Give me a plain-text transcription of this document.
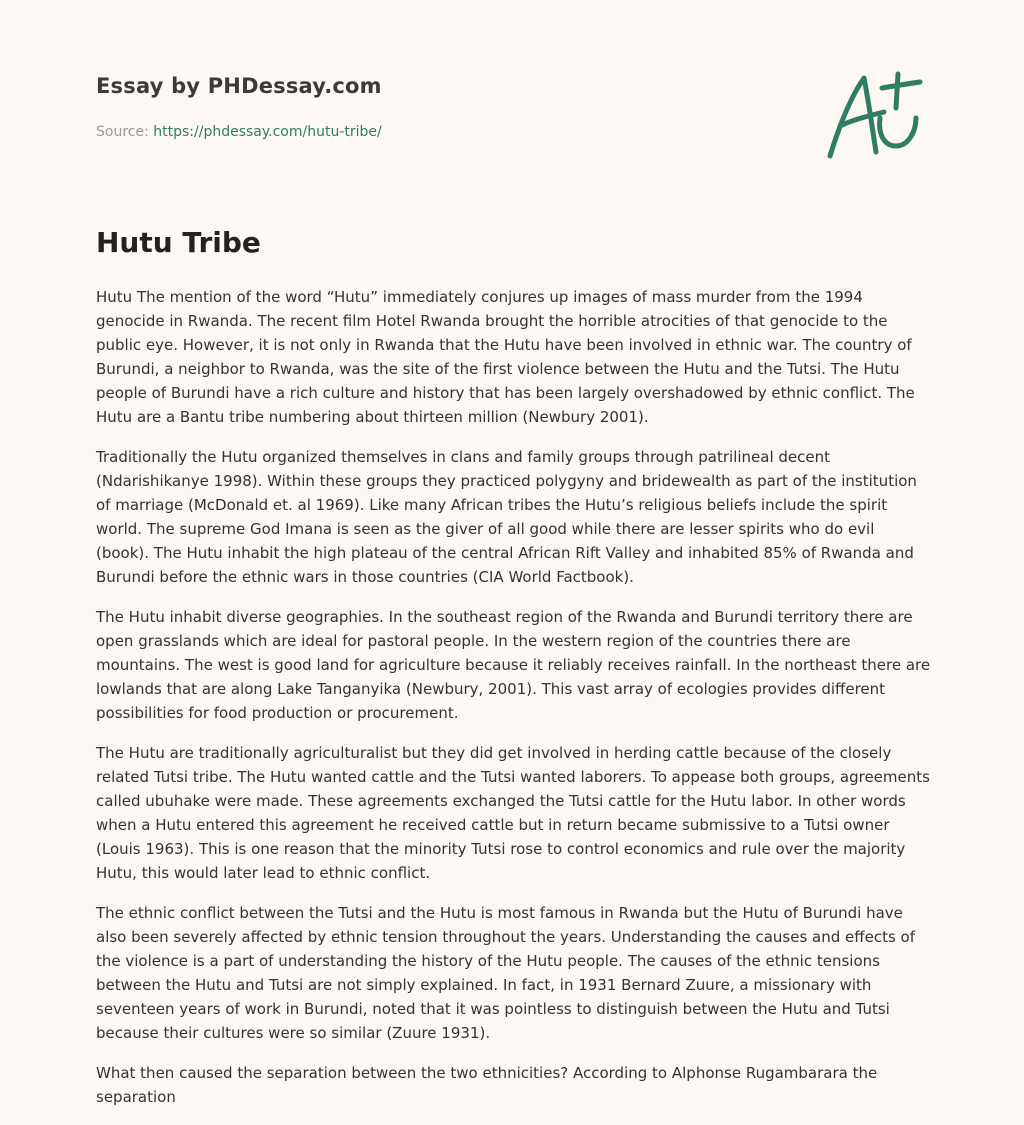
Essay by PHDessay.com
Source: https://phdessay.com/hutu-tribe/
Hutu Tribe

Hutu The mention of the word “Hutu” immediately conjures up images of mass murder from the 1994 genocide in Rwanda. The recent film Hotel Rwanda brought the horrible atrocities of that genocide to the public eye. However, it is not only in Rwanda that the Hutu have been involved in ethnic war. The country of Burundi, a neighbor to Rwanda, was the site of the first violence between the Hutu and the Tutsi. The Hutu people of Burundi have a rich culture and history that has been largely overshadowed by ethnic conflict. The Hutu are a Bantu tribe numbering about thirteen million (Newbury 2001).

Traditionally the Hutu organized themselves in clans and family groups through patrilineal decent (Ndarishikanye 1998). Within these groups they practiced polygyny and bridewealth as part of the institution of marriage (McDonald et. al 1969). Like many African tribes the Hutu’s religious beliefs include the spirit world. The supreme God Imana is seen as the giver of all good while there are lesser spirits who do evil (book). The Hutu inhabit the high plateau of the central African Rift Valley and inhabited 85% of Rwanda and Burundi before the ethnic wars in those countries (CIA World Factbook).

The Hutu inhabit diverse geographies. In the southeast region of the Rwanda and Burundi territory there are open grasslands which are ideal for pastoral people. In the western region of the countries there are mountains. The west is good land for agriculture because it reliably receives rainfall. In the northeast there are lowlands that are along Lake Tanganyika (Newbury, 2001). This vast array of ecologies provides different possibilities for food production or procurement.

The Hutu are traditionally agriculturalist but they did get involved in herding cattle because of the closely related Tutsi tribe. The Hutu wanted cattle and the Tutsi wanted laborers. To appease both groups, agreements called ubuhake were made. These agreements exchanged the Tutsi cattle for the Hutu labor. In other words when a Hutu entered this agreement he received cattle but in return became submissive to a Tutsi owner (Louis 1963). This is one reason that the minority Tutsi rose to control economics and rule over the majority Hutu, this would later lead to ethnic conflict.

The ethnic conflict between the Tutsi and the Hutu is most famous in Rwanda but the Hutu of Burundi have also been severely affected by ethnic tension throughout the years. Understanding the causes and effects of the violence is a part of understanding the history of the Hutu people. The causes of the ethnic tensions between the Hutu and Tutsi are not simply explained. In fact, in 1931 Bernard Zuure, a missionary with seventeen years of work in Burundi, noted that it was pointless to distinguish between the Hutu and Tutsi because their cultures were so similar (Zuure 1931).

What then caused the separation between the two ethnicities? According to Alphonse Rugambarara the separation
